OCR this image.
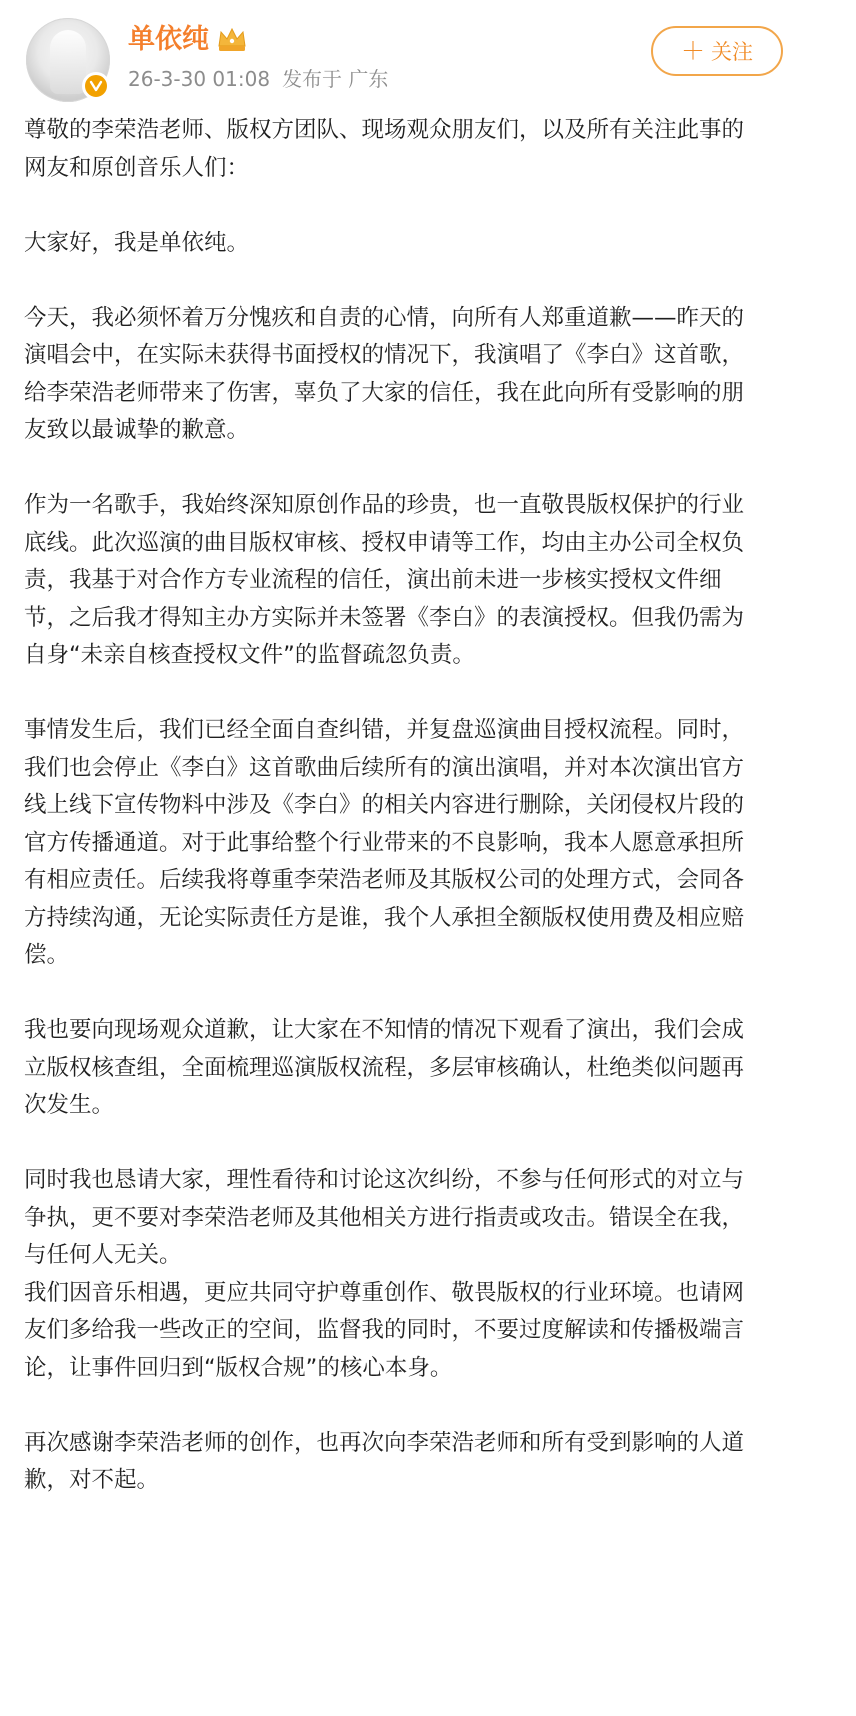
单依纯
26-3-30 01:08 发布于 广东
＋ 关注

尊敬的李荣浩老师、版权方团队、现场观众朋友们，以及所有关注此事的网友和原创音乐人们：

大家好，我是单依纯。

今天，我必须怀着万分愧疚和自责的心情，向所有人郑重道歉——昨天的演唱会中，在实际未获得书面授权的情况下，我演唱了《李白》这首歌，给李荣浩老师带来了伤害，辜负了大家的信任，我在此向所有受影响的朋友致以最诚挚的歉意。

作为一名歌手，我始终深知原创作品的珍贵，也一直敬畏版权保护的行业底线。此次巡演的曲目版权审核、授权申请等工作，均由主办公司全权负责，我基于对合作方专业流程的信任，演出前未进一步核实授权文件细节，之后我才得知主办方实际并未签署《李白》的表演授权。但我仍需为自身“未亲自核查授权文件”的监督疏忽负责。

事情发生后，我们已经全面自查纠错，并复盘巡演曲目授权流程。同时，我们也会停止《李白》这首歌曲后续所有的演出演唱，并对本次演出官方线上线下宣传物料中涉及《李白》的相关内容进行删除，关闭侵权片段的官方传播通道。对于此事给整个行业带来的不良影响，我本人愿意承担所有相应责任。后续我将尊重李荣浩老师及其版权公司的处理方式，会同各方持续沟通，无论实际责任方是谁，我个人承担全额版权使用费及相应赔偿。

我也要向现场观众道歉，让大家在不知情的情况下观看了演出，我们会成立版权核查组，全面梳理巡演版权流程，多层审核确认，杜绝类似问题再次发生。

同时我也恳请大家，理性看待和讨论这次纠纷，不参与任何形式的对立与争执，更不要对李荣浩老师及其他相关方进行指责或攻击。错误全在我，与任何人无关。

我们因音乐相遇，更应共同守护尊重创作、敬畏版权的行业环境。也请网友们多给我一些改正的空间，监督我的同时，不要过度解读和传播极端言论，让事件回归到“版权合规”的核心本身。

再次感谢李荣浩老师的创作，也再次向李荣浩老师和所有受到影响的人道歉，对不起。
